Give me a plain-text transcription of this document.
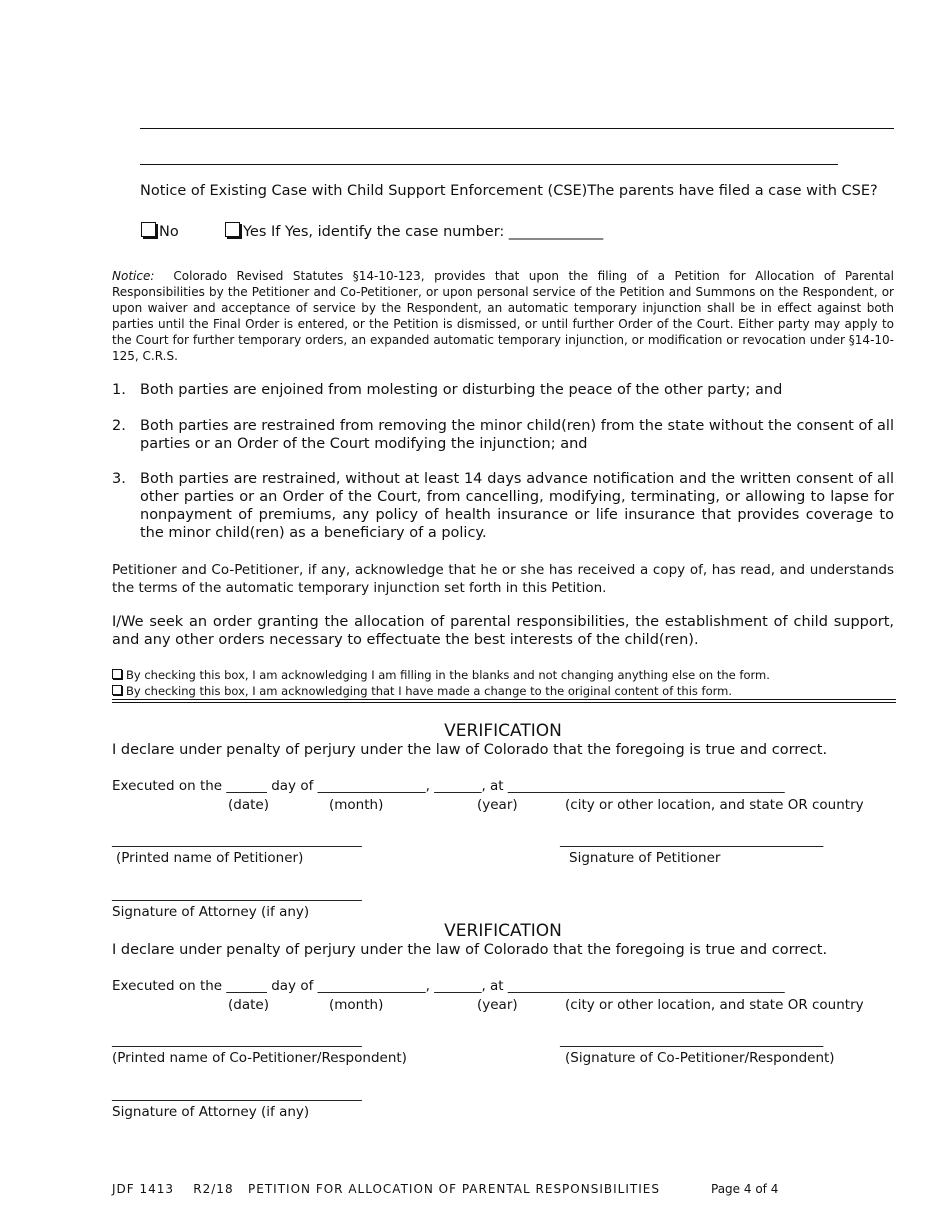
Notice of Existing Case with Child Support Enforcement (CSE)The parents have filed a case with CSE?
No	Yes If Yes, identify the case number: _____________
Notice: Colorado Revised Statutes §14-10-123, provides that upon the filing of a Petition for Allocation of Parental Responsibilities by the Petitioner and Co-Petitioner, or upon personal service of the Petition and Summons on the Respondent, or upon waiver and acceptance of service by the Respondent, an automatic temporary injunction shall be in effect against both parties until the Final Order is entered, or the Petition is dismissed, or until further Order of the Court. Either party may apply to the Court for further temporary orders, an expanded automatic temporary injunction, or modification or revocation under §14-10-125, C.R.S.
1. Both parties are enjoined from molesting or disturbing the peace of the other party; and
2. Both parties are restrained from removing the minor child(ren) from the state without the consent of all parties or an Order of the Court modifying the injunction; and
3. Both parties are restrained, without at least 14 days advance notification and the written consent of all other parties or an Order of the Court, from cancelling, modifying, terminating, or allowing to lapse for nonpayment of premiums, any policy of health insurance or life insurance that provides coverage to the minor child(ren) as a beneficiary of a policy.
Petitioner and Co-Petitioner, if any, acknowledge that he or she has received a copy of, has read, and understands the terms of the automatic temporary injunction set forth in this Petition.
I/We seek an order granting the allocation of parental responsibilities, the establishment of child support, and any other orders necessary to effectuate the best interests of the child(ren).
By checking this box, I am acknowledging I am filling in the blanks and not changing anything else on the form.
By checking this box, I am acknowledging that I have made a change to the original content of this form.
VERIFICATION
I declare under penalty of perjury under the law of Colorado that the foregoing is true and correct.
Executed on the ______ day of ________________, _______, at _________________________________________
(date)	(month)	(year)	(city or other location, and state OR country
_____________________________________	_______________________________________
(Printed name of Petitioner)	Signature of Petitioner
_____________________________________
Signature of Attorney (if any)
VERIFICATION
I declare under penalty of perjury under the law of Colorado that the foregoing is true and correct.
Executed on the ______ day of ________________, _______, at _________________________________________
(date)	(month)	(year)	(city or other location, and state OR country
_____________________________________	_______________________________________
(Printed name of Co-Petitioner/Respondent)	(Signature of Co-Petitioner/Respondent)
_____________________________________
Signature of Attorney (if any)
JDF 1413    R2/18   PETITION FOR ALLOCATION OF PARENTAL RESPONSIBILITIES	Page 4 of 4
